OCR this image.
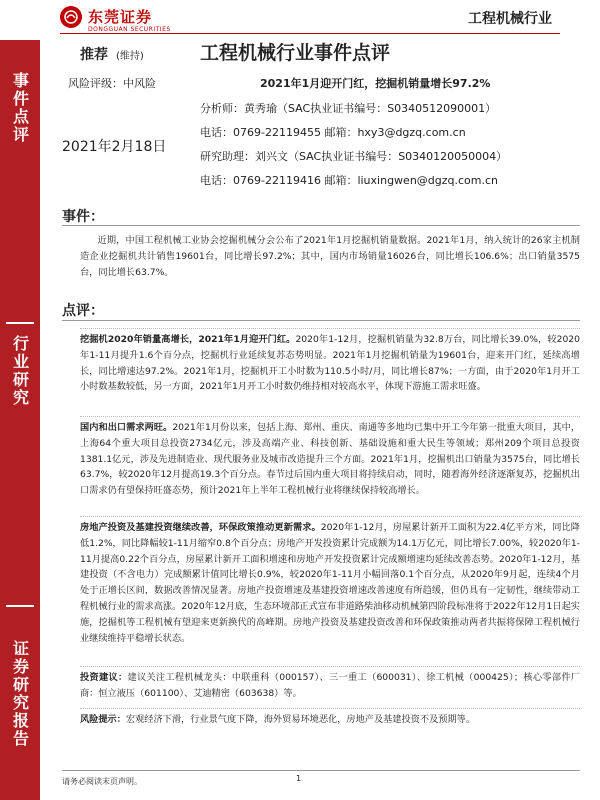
东莞证券
DONGGUAN SECURITIES
工程机械行业
事件点评
行业研究
证券研究报告
推荐 (维持)	工程机械行业事件点评
风险评级：中风险	2021年1月迎开门红，挖掘机销量增长97.2%
分析师：黄秀瑜（SAC执业证书编号：S0340512090001）
电话：0769-22119455 邮箱：hxy3@dgzq.com.cn
2021年2月18日
研究助理：刘兴文（SAC执业证书编号：S0340120050004）
电话：0769-22119416 邮箱：liuxingwen@dgzq.com.cn
事件：
近期，中国工程机械工业协会挖掘机械分会公布了2021年1月挖掘机销量数据。2021年1月，纳入统计的26家主机制造企业挖掘机共计销售19601台，同比增长97.2%；其中，国内市场销量16026台，同比增长106.6%；出口销量3575台，同比增长63.7%。
点评：
挖掘机2020年销量高增长，2021年1月迎开门红。2020年1-12月，挖掘机销量为32.8万台，同比增长39.0%，较2020年1-11月提升1.6个百分点，挖掘机行业延续复苏态势明显。2021年1月挖掘机销量为19601台，迎来开门红，延续高增长，同比增速达97.2%。2021年1月，挖掘机开工小时数为110.5小时/月，同比增长87%；一方面，由于2020年1月开工小时数基数较低，另一方面，2021年1月开工小时数仍维持相对较高水平，体现下游施工需求旺盛。
国内和出口需求两旺。2021年1月份以来，包括上海、郑州、重庆、南通等多地均已集中开工今年第一批重大项目，其中，上海64个重大项目总投资2734亿元，涉及高端产业、科技创新、基础设施和重大民生等领域；郑州209个项目总投资1381.1亿元，涉及先进制造业、现代服务业及城市改造提升三个方面。2021年1月，挖掘机出口销量为3575台，同比增长63.7%，较2020年12月提高19.3个百分点。春节过后国内重大项目将持续启动，同时，随着海外经济逐渐复苏，挖掘机出口需求仍有望保持旺盛态势，预计2021年上半年工程机械行业将继续保持较高增长。
房地产投资及基建投资继续改善，环保政策推动更新需求。2020年1-12月，房屋累计新开工面积为22.4亿平方米，同比降低1.2%，同比降幅较1-11月缩窄0.8个百分点；房地产开发投资累计完成额为14.1万亿元，同比增长7.00%，较2020年1-11月提高0.22个百分点，房屋累计新开工面积增速和房地产开发投资累计完成额增速均延续改善态势。2020年1-12月，基建投资（不含电力）完成额累计值同比增长0.9%，较2020年1-11月小幅回落0.1个百分点，从2020年9月起，连续4个月处于正增长区间，数据改善情况显著。房地产投资增速及基建投资增速改善速度有所趋缓，但仍具有一定韧性，继续带动工程机械行业的需求高涨。2020年12月底，生态环境部正式宣布非道路柴油移动机械第四阶段标准将于2022年12月1日起实施，挖掘机等工程机械有望迎来更新换代的高峰期。房地产投资及基建投资改善和环保政策推动两者共振将保障工程机械行业继续维持平稳增长状态。
投资建议：建议关注工程机械龙头：中联重科（000157）、三一重工（600031）、徐工机械（000425）；核心零部件厂商：恒立液压（601100）、艾迪精密（603638）等。
风险提示：宏观经济下滑，行业景气度下降，海外贸易环境恶化，房地产及基建投资不及预期等。
请务必阅读末页声明。	1
